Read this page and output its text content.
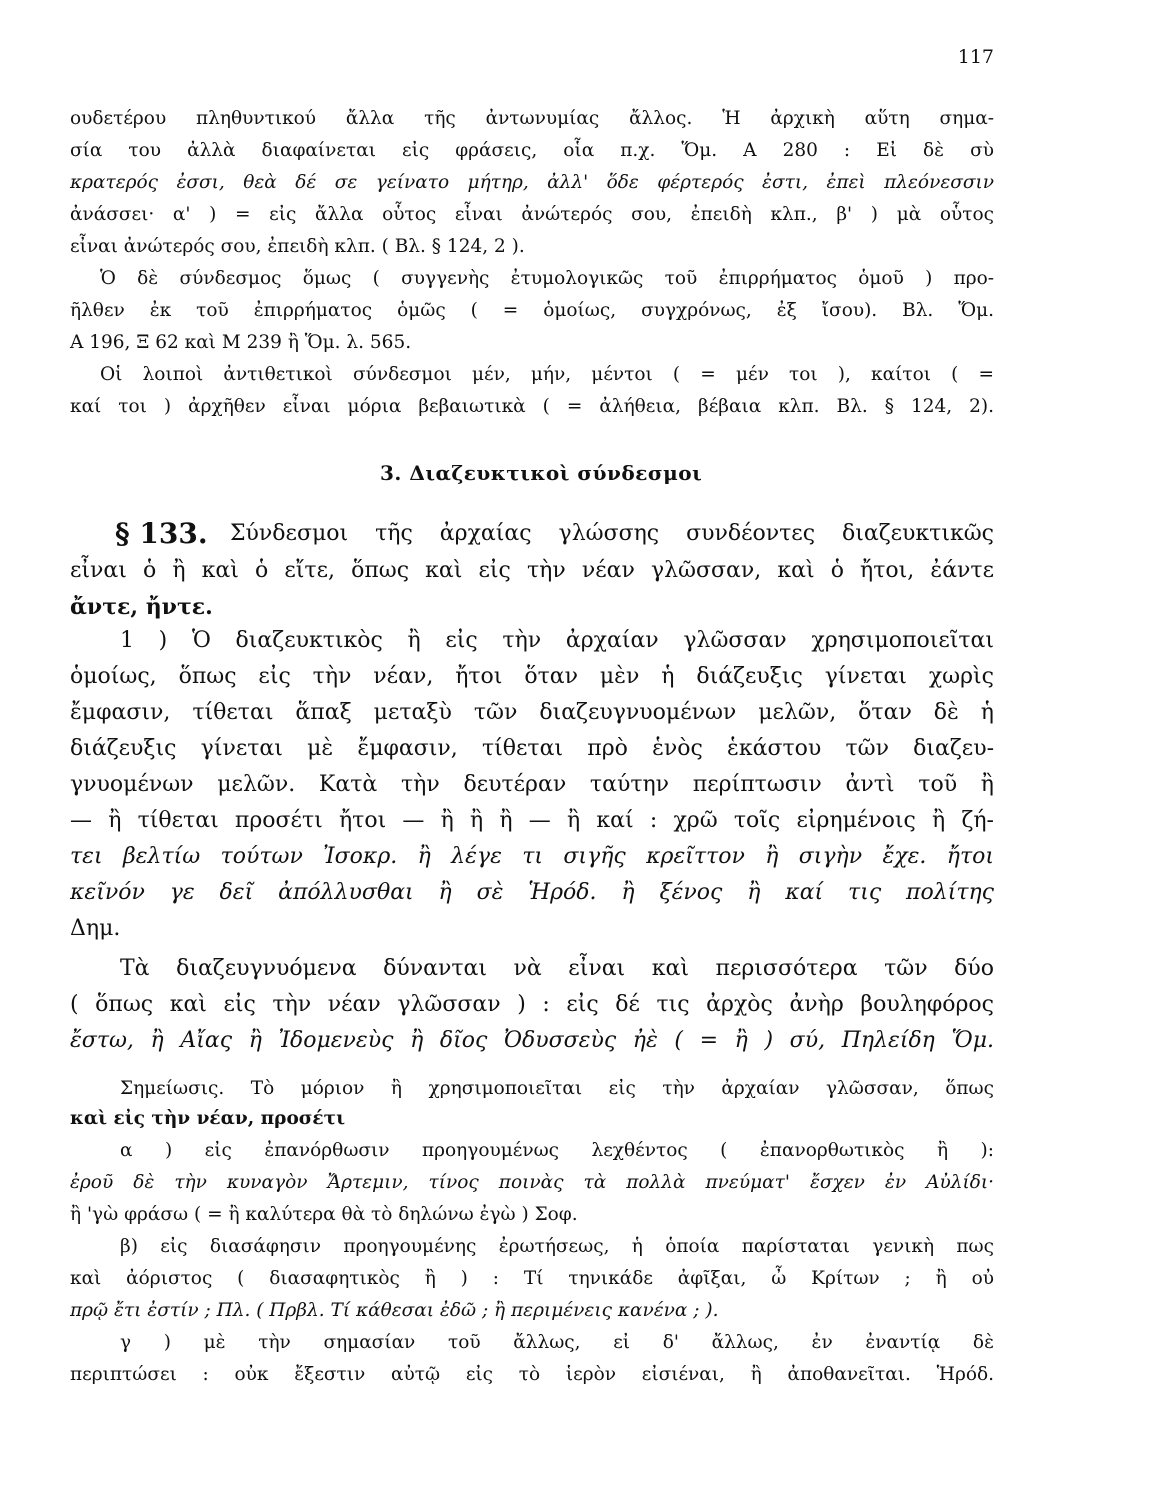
117
ουδετέρου πληθυντικού ἄλλα τῆς ἀντωνυμίας ἄλλος. Ἡ ἀρχικὴ αὕτη σημα-
σία του ἀλλὰ διαφαίνεται εἰς φράσεις, οἷα π.χ. Ὅμ. Α 280 : Εἰ δὲ σὺ
κρατερός ἐσσι, θεὰ δέ σε γείνατο μήτηρ, ἀλλ' ὅδε φέρτερός ἐστι, ἐπεὶ πλεόνεσσιν
ἀνάσσει· α' ) = εἰς ἄλλα οὗτος εἶναι ἀνώτερός σου, ἐπειδὴ κλπ., β' ) μὰ οὗτος
εἶναι ἀνώτερός σου, ἐπειδὴ κλπ. ( Βλ. § 124, 2 ).
Ὁ δὲ σύνδεσμος ὅμως ( συγγενὴς ἐτυμολογικῶς τοῦ ἐπιρρήματος ὁμοῦ ) προ-
ῆλθεν ἐκ τοῦ ἐπιρρήματος ὁμῶς ( = ὁμοίως, συγχρόνως, ἐξ ἴσου). Βλ. Ὅμ.
Α 196, Ξ 62 καὶ Μ 239 ἢ Ὅμ. λ. 565.
Οἱ λοιποὶ ἀντιθετικοὶ σύνδεσμοι μέν, μήν, μέντοι ( = μέν τοι ), καίτοι ( =
καί τοι ) ἀρχῆθεν εἶναι μόρια βεβαιωτικὰ ( = ἀλήθεια, βέβαια κλπ. Βλ. § 124, 2).
3. Διαζευκτικοὶ σύνδεσμοι
§ 133. Σύνδεσμοι τῆς ἀρχαίας γλώσσης συνδέοντες διαζευκτικῶς
εἶναι ὁ ἢ καὶ ὁ εἴτε, ὅπως καὶ εἰς τὴν νέαν γλῶσσαν, καὶ ὁ ἤτοι, ἐάντε
ἄντε, ἤντε.
1 ) Ὁ διαζευκτικὸς ἢ εἰς τὴν ἀρχαίαν γλῶσσαν χρησιμοποιεῖται
ὁμοίως, ὅπως εἰς τὴν νέαν, ἤτοι ὅταν μὲν ἡ διάζευξις γίνεται χωρὶς
ἔμφασιν, τίθεται ἅπαξ μεταξὺ τῶν διαζευγνυομένων μελῶν, ὅταν δὲ ἡ
διάζευξις γίνεται μὲ ἔμφασιν, τίθεται πρὸ ἑνὸς ἑκάστου τῶν διαζευ-
γνυομένων μελῶν. Κατὰ τὴν δευτέραν ταύτην περίπτωσιν ἀντὶ τοῦ ἢ
— ἢ τίθεται προσέτι ἤτοι — ἢ ἢ ἢ — ἢ καί : χρῶ τοῖς εἰρημένοις ἢ ζή-
τει βελτίω τούτων Ἰσοκρ. ἢ λέγε τι σιγῆς κρεῖττον ἢ σιγὴν ἔχε. ἤτοι
κεῖνόν γε δεῖ ἀπόλλυσθαι ἢ σὲ Ἡρόδ. ἢ ξένος ἢ καί τις πολίτης
Δημ.
Τὰ διαζευγνυόμενα δύνανται νὰ εἶναι καὶ περισσότερα τῶν δύο
( ὅπως καὶ εἰς τὴν νέαν γλῶσσαν ) : εἰς δέ τις ἀρχὸς ἀνὴρ βουληφόρος
ἔστω, ἢ Αἴας ἢ Ἰδομενεὺς ἢ δῖος Ὀδυσσεὺς ἠὲ ( = ἢ ) σύ, Πηλείδη Ὅμ.
Σημείωσις. Τὸ μόριον ἢ χρησιμοποιεῖται εἰς τὴν ἀρχαίαν γλῶσσαν, ὅπως
καὶ εἰς τὴν νέαν, προσέτι
α ) εἰς ἐπανόρθωσιν προηγουμένως λεχθέντος ( ἐπανορθωτικὸς ἢ ):
ἐροῦ δὲ τὴν κυναγὸν Ἄρτεμιν, τίνος ποινὰς τὰ πολλὰ πνεύματ' ἔσχεν ἐν Αὐλίδι·
ἢ 'γὼ φράσω ( = ἢ καλύτερα θὰ τὸ δηλώνω ἐγὼ ) Σοφ.
β) εἰς διασάφησιν προηγουμένης ἐρωτήσεως, ἡ ὁποία παρίσταται γενικὴ πως
καὶ ἀόριστος ( διασαφητικὸς ἢ ) : Τί τηνικάδε ἀφῖξαι, ὦ Κρίτων ; ἢ οὐ
πρῷ ἔτι ἐστίν ; Πλ. ( Πρβλ. Τί κάθεσαι ἐδῶ ; ἢ περιμένεις κανένα ; ).
γ ) μὲ τὴν σημασίαν τοῦ ἄλλως, εἰ δ' ἄλλως, ἐν ἐναντίᾳ δὲ
περιπτώσει : οὐκ ἔξεστιν αὐτῷ εἰς τὸ ἱερὸν εἰσιέναι, ἢ ἀποθανεῖται. Ἡρόδ.
